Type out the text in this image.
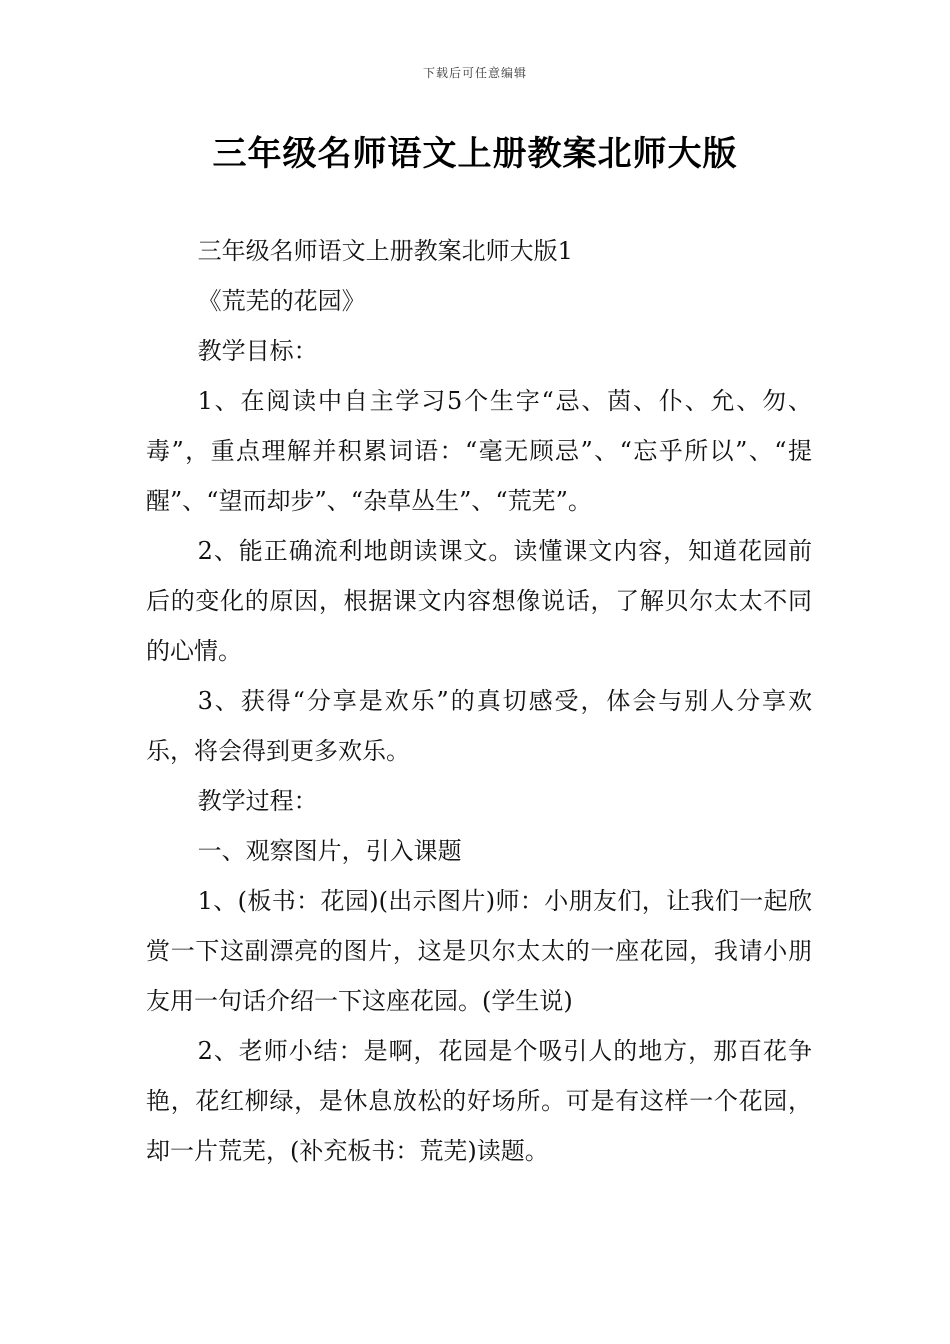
下载后可任意编辑
三年级名师语文上册教案北师大版

三年级名师语文上册教案北师大版1

《荒芜的花园》

教学目标：

1、在阅读中自主学习5个生字“忌、茵、仆、允、勿、毒”，重点理解并积累词语：“毫无顾忌”、“忘乎所以”、“提醒”、“望而却步”、“杂草丛生”、“荒芜”。

2、能正确流利地朗读课文。读懂课文内容，知道花园前后的变化的原因，根据课文内容想像说话，了解贝尔太太不同的心情。

3、获得“分享是欢乐”的真切感受，体会与别人分享欢乐，将会得到更多欢乐。

教学过程：

一、观察图片，引入课题

1、(板书：花园)(出示图片)师：小朋友们，让我们一起欣赏一下这副漂亮的图片，这是贝尔太太的一座花园，我请小朋友用一句话介绍一下这座花园。(学生说)

2、老师小结：是啊，花园是个吸引人的地方，那百花争艳，花红柳绿，是休息放松的好场所。可是有这样一个花园，却一片荒芜，(补充板书：荒芜)读题。
